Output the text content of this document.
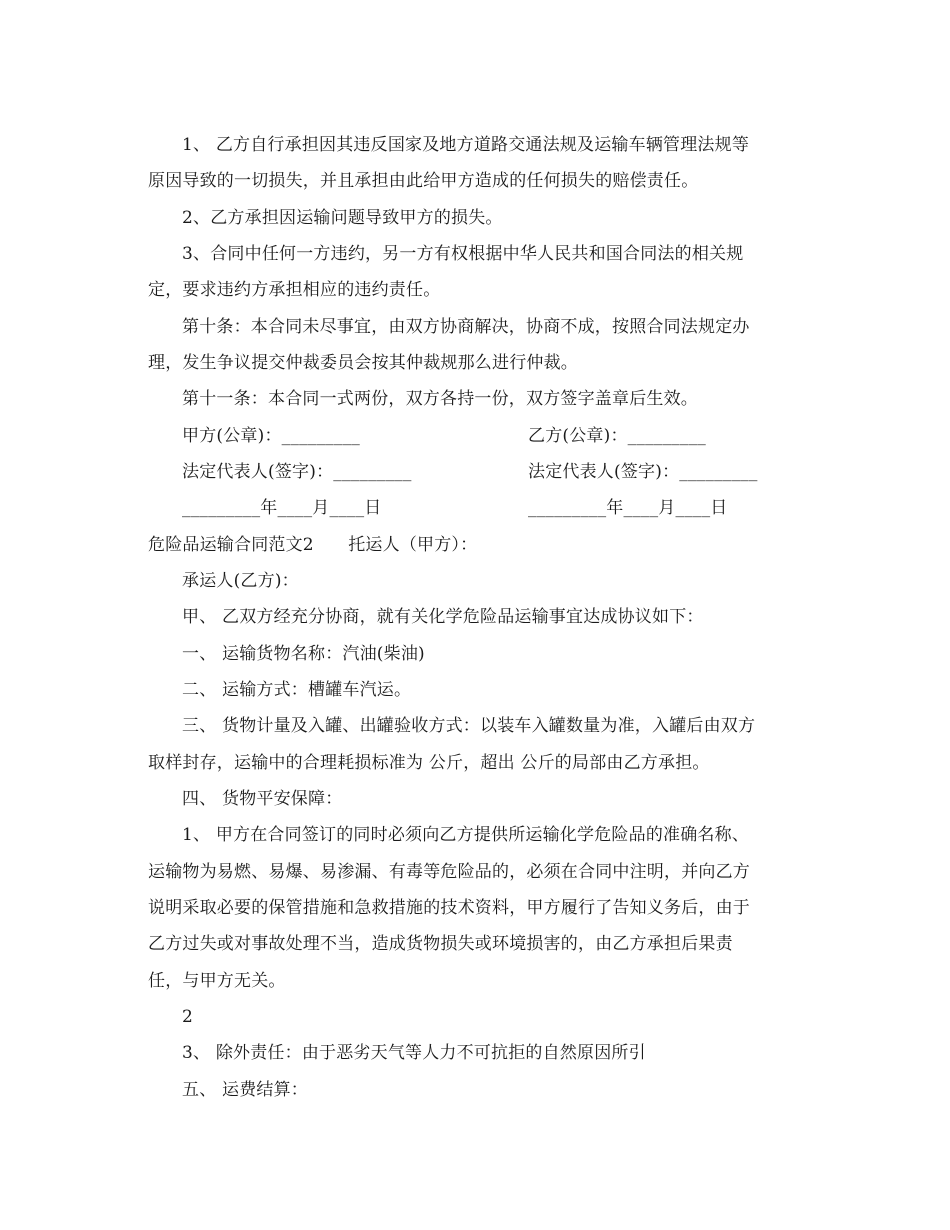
1、 乙方自行承担因其违反国家及地方道路交通法规及运输车辆管理法规等
原因导致的一切损失，并且承担由此给甲方造成的任何损失的赔偿责任。
2、乙方承担因运输问题导致甲方的损失。
3、合同中任何一方违约，另一方有权根据中华人民共和国合同法的相关规
定，要求违约方承担相应的违约责任。
第十条：本合同未尽事宜，由双方协商解决，协商不成，按照合同法规定办
理，发生争议提交仲裁委员会按其仲裁规那么进行仲裁。
第十一条：本合同一式两份，双方各持一份，双方签字盖章后生效。
甲方(公章)：_________	乙方(公章)：_________
法定代表人(签字)：_________	法定代表人(签字)：_________
_________年____月____日	_________年____月____日
危险品运输合同范文2　　托运人（甲方）：
承运人(乙方)：
甲、 乙双方经充分协商，就有关化学危险品运输事宜达成协议如下：
一、 运输货物名称：汽油(柴油)
二、 运输方式：槽罐车汽运。
三、 货物计量及入罐、出罐验收方式：以装车入罐数量为准，入罐后由双方
取样封存，运输中的合理耗损标准为 公斤，超出 公斤的局部由乙方承担。
四、 货物平安保障：
1、 甲方在合同签订的同时必须向乙方提供所运输化学危险品的准确名称、
运输物为易燃、易爆、易渗漏、有毒等危险品的，必须在合同中注明，并向乙方
说明采取必要的保管措施和急救措施的技术资料，甲方履行了告知义务后，由于
乙方过失或对事故处理不当，造成货物损失或环境损害的，由乙方承担后果责
任，与甲方无关。
2
3、 除外责任：由于恶劣天气等人力不可抗拒的自然原因所引
五、 运费结算：
